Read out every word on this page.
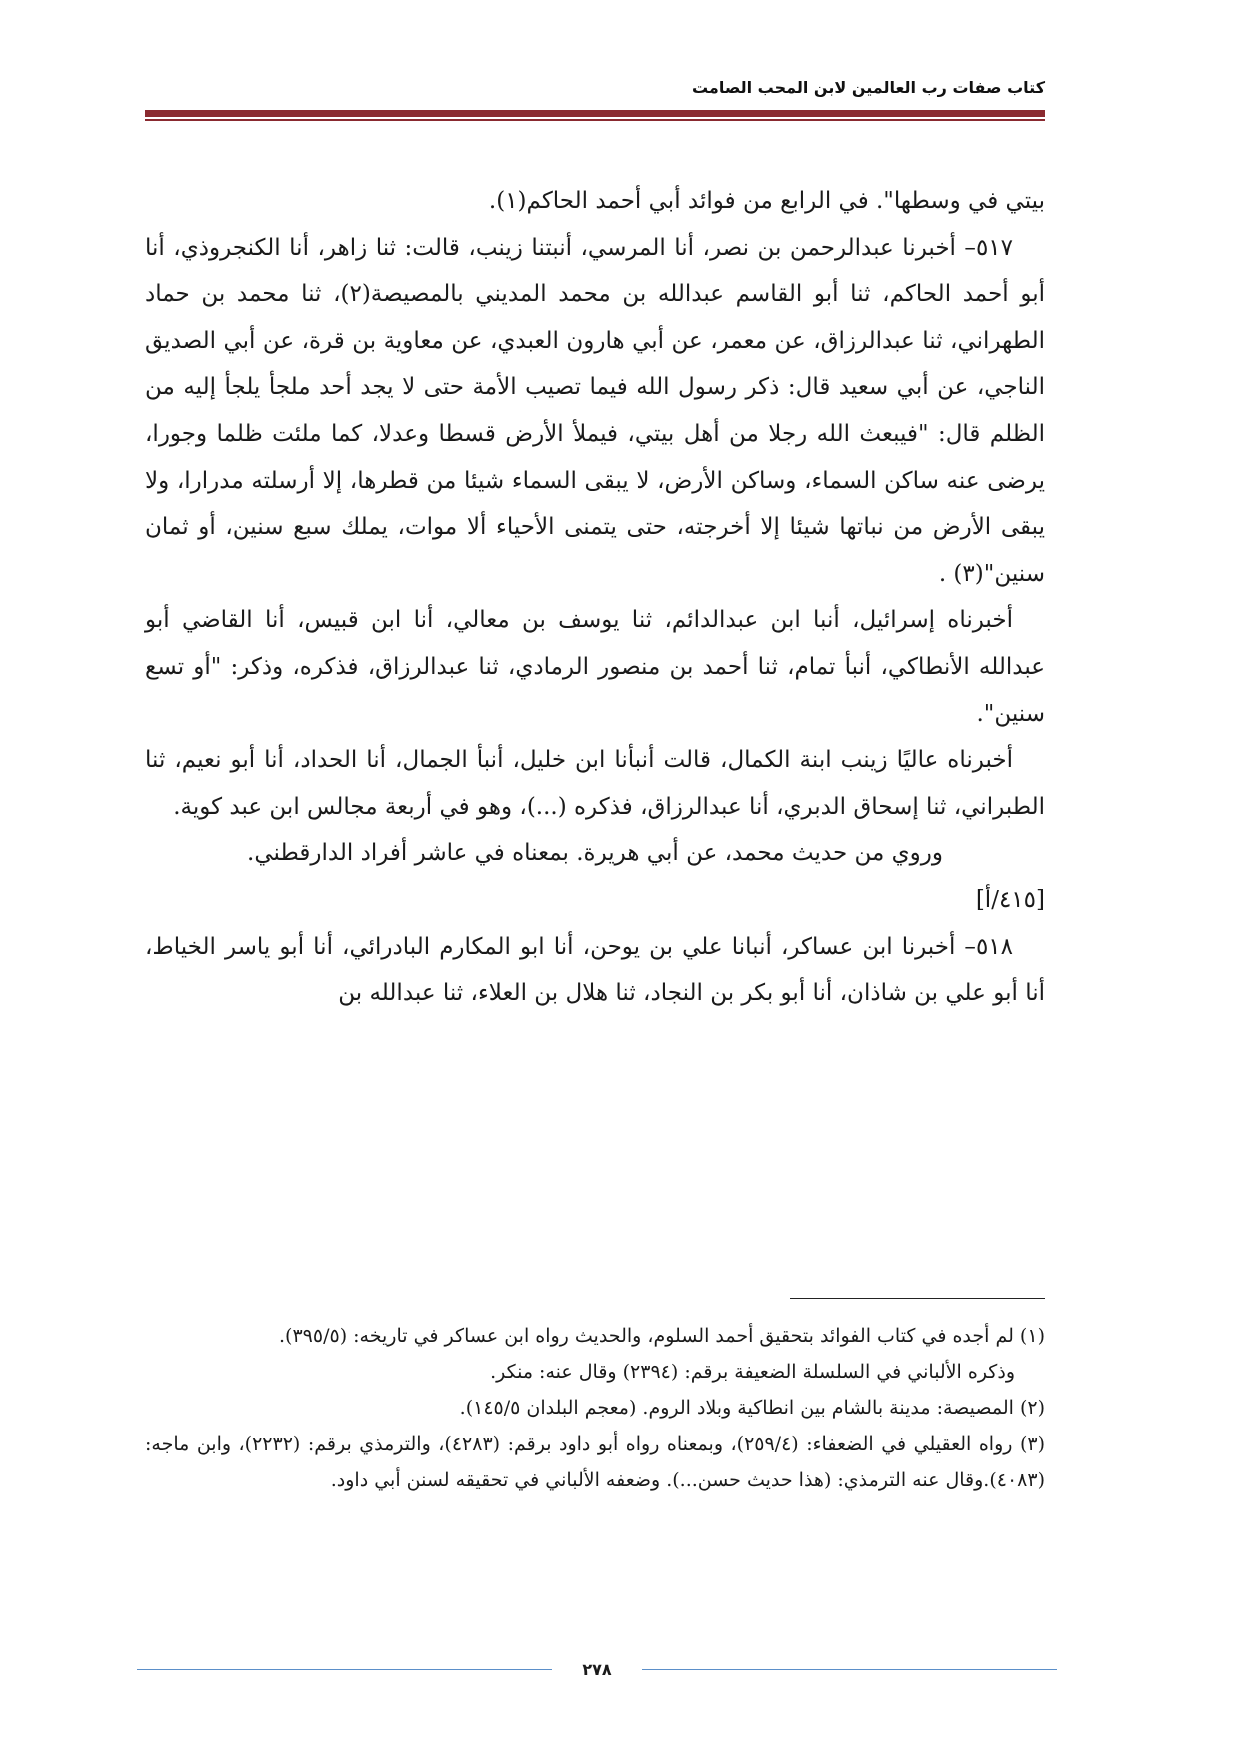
كتاب صفات رب العالمين لابن المحب الصامت

بيتي في وسطها". في الرابع من فوائد أبي أحمد الحاكم(١).

٥١٧– أخبرنا عبدالرحمن بن نصر، أنا المرسي، أنبتنا زينب، قالت: ثنا زاهر، أنا الكنجروذي، أنا أبو أحمد الحاكم، ثنا أبو القاسم عبدالله بن محمد المديني بالمصيصة(٢)، ثنا محمد بن حماد الطهراني، ثنا عبدالرزاق، عن معمر، عن أبي هارون العبدي، عن معاوية بن قرة، عن أبي الصديق الناجي، عن أبي سعيد قال: ذكر رسول الله فيما تصيب الأمة حتى لا يجد أحد ملجأ يلجأ إليه من الظلم قال: "فيبعث الله رجلا من أهل بيتي، فيملأ الأرض قسطا وعدلا، كما ملئت ظلما وجورا، يرضى عنه ساكن السماء، وساكن الأرض، لا يبقى السماء شيئا من قطرها، إلا أرسلته مدرارا، ولا يبقى الأرض من نباتها شيئا إلا أخرجته، حتى يتمنى الأحياء ألا موات، يملك سبع سنين، أو ثمان سنين"(٣) .

أخبرناه إسرائيل، أنبا ابن عبدالدائم، ثنا يوسف بن معالي، أنا ابن قبيس، أنا القاضي أبو عبدالله الأنطاكي، أنبأ تمام، ثنا أحمد بن منصور الرمادي، ثنا عبدالرزاق، فذكره، وذكر: "أو تسع سنين".

أخبرناه عاليًا زينب ابنة الكمال، قالت أنبأنا ابن خليل، أنبأ الجمال، أنا الحداد، أنا أبو نعيم، ثنا الطبراني، ثنا إسحاق الدبري، أنا عبدالرزاق، فذكره (...)، وهو في أربعة مجالس ابن عبد كوية.

وروي من حديث محمد، عن أبي هريرة. بمعناه في عاشر أفراد الدارقطني.

[٤١٥/أ]

٥١٨– أخبرنا ابن عساكر، أنبانا علي بن يوحن، أنا ابو المكارم البادرائي، أنا أبو ياسر الخياط، أنا أبو علي بن شاذان، أنا أبو بكر بن النجاد، ثنا هلال بن العلاء، ثنا عبدالله بن

(١) لم أجده في كتاب الفوائد بتحقيق أحمد السلوم، والحديث رواه ابن عساكر في تاريخه: (٣٩٥/٥).

وذكره الألباني في السلسلة الضعيفة برقم: (٢٣٩٤) وقال عنه: منكر.

(٢) المصيصة: مدينة بالشام بين انطاكية وبلاد الروم. (معجم البلدان ١٤٥/٥).

(٣) رواه العقيلي في الضعفاء: (٢٥٩/٤)، وبمعناه رواه أبو داود برقم: (٤٢٨٣)، والترمذي برقم: (٢٢٣٢)، وابن ماجه: (٤٠٨٣).وقال عنه الترمذي: (هذا حديث حسن...). وضعفه الألباني في تحقيقه لسنن أبي داود.

٢٧٨
